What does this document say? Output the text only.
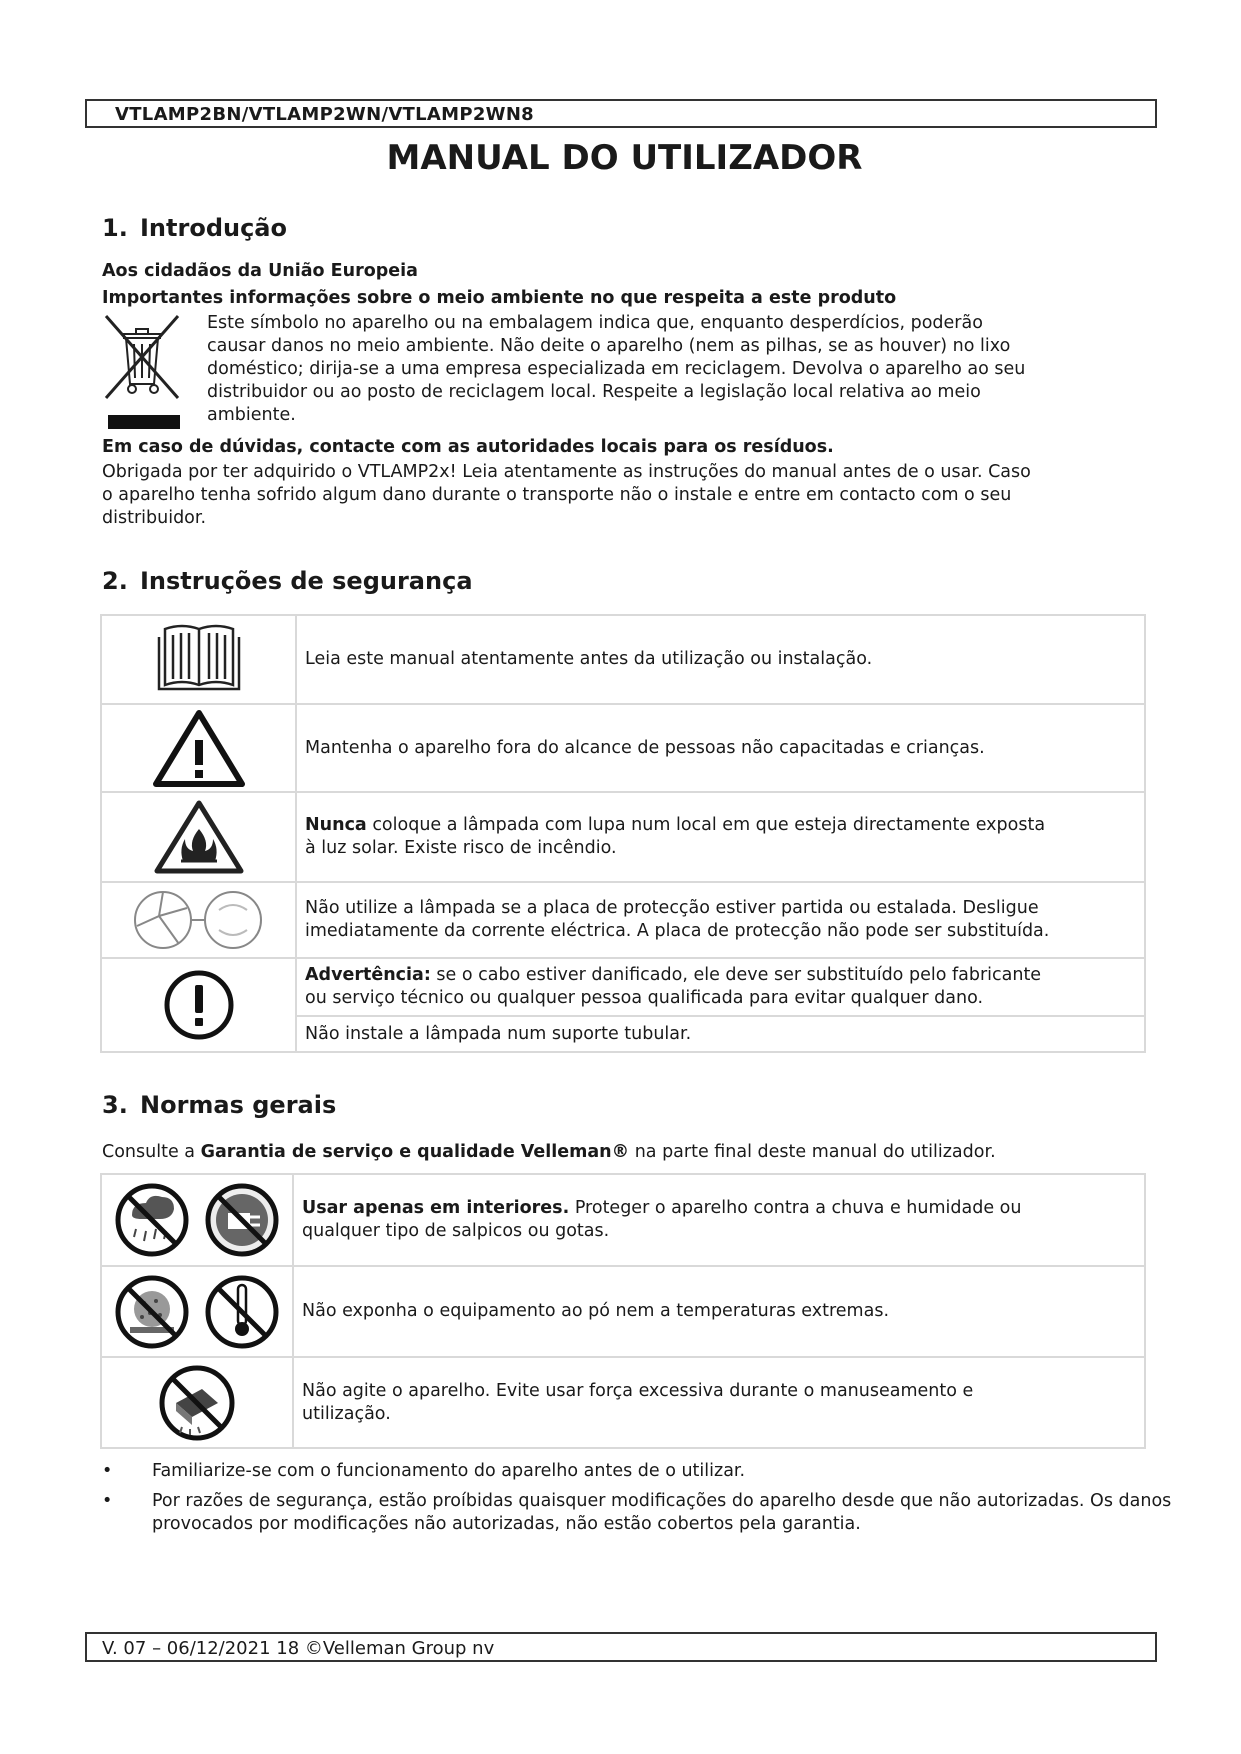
VTLAMP2BN/VTLAMP2WN/VTLAMP2WN8
MANUAL DO UTILIZADOR
1. Introdução
Aos cidadãos da União Europeia
Importantes informações sobre o meio ambiente no que respeita a este produto
Este símbolo no aparelho ou na embalagem indica que, enquanto desperdícios, poderão
causar danos no meio ambiente. Não deite o aparelho (nem as pilhas, se as houver) no lixo
doméstico; dirija-se a uma empresa especializada em reciclagem. Devolva o aparelho ao seu
distribuidor ou ao posto de reciclagem local. Respeite a legislação local relativa ao meio
ambiente.
Em caso de dúvidas, contacte com as autoridades locais para os resíduos.
Obrigada por ter adquirido o VTLAMP2x! Leia atentamente as instruções do manual antes de o usar. Caso
o aparelho tenha sofrido algum dano durante o transporte não o instale e entre em contacto com o seu
distribuidor.
2. Instruções de segurança
	Leia este manual atentamente antes da utilização ou instalação.

	Mantenha o aparelho fora do alcance de pessoas não capacitadas e crianças.

	Nunca coloque a lâmpada com lupa num local em que esteja directamente exposta
à luz solar. Existe risco de incêndio.

	Não utilize a lâmpada se a placa de protecção estiver partida ou estalada. Desligue
imediatamente da corrente eléctrica. A placa de protecção não pode ser substituída.

	Advertência: se o cabo estiver danificado, ele deve ser substituído pelo fabricante
ou serviço técnico ou qualquer pessoa qualificada para evitar qualquer dano.
	Não instale a lâmpada num suporte tubular.
3. Normas gerais
Consulte a Garantia de serviço e qualidade Velleman® na parte final deste manual do utilizador.
	Usar apenas em interiores. Proteger o aparelho contra a chuva e humidade ou
qualquer tipo de salpicos ou gotas.

	Não exponha o equipamento ao pó nem a temperaturas extremas.

	Não agite o aparelho. Evite usar força excessiva durante o manuseamento e
utilização.
• Familiarize-se com o funcionamento do aparelho antes de o utilizar.
• Por razões de segurança, estão proíbidas quaisquer modificações do aparelho desde que não autorizadas. Os danos provocados por modificações não autorizadas, não estão cobertos pela garantia.
V. 07 – 06/12/2021 18 ©Velleman Group nv
